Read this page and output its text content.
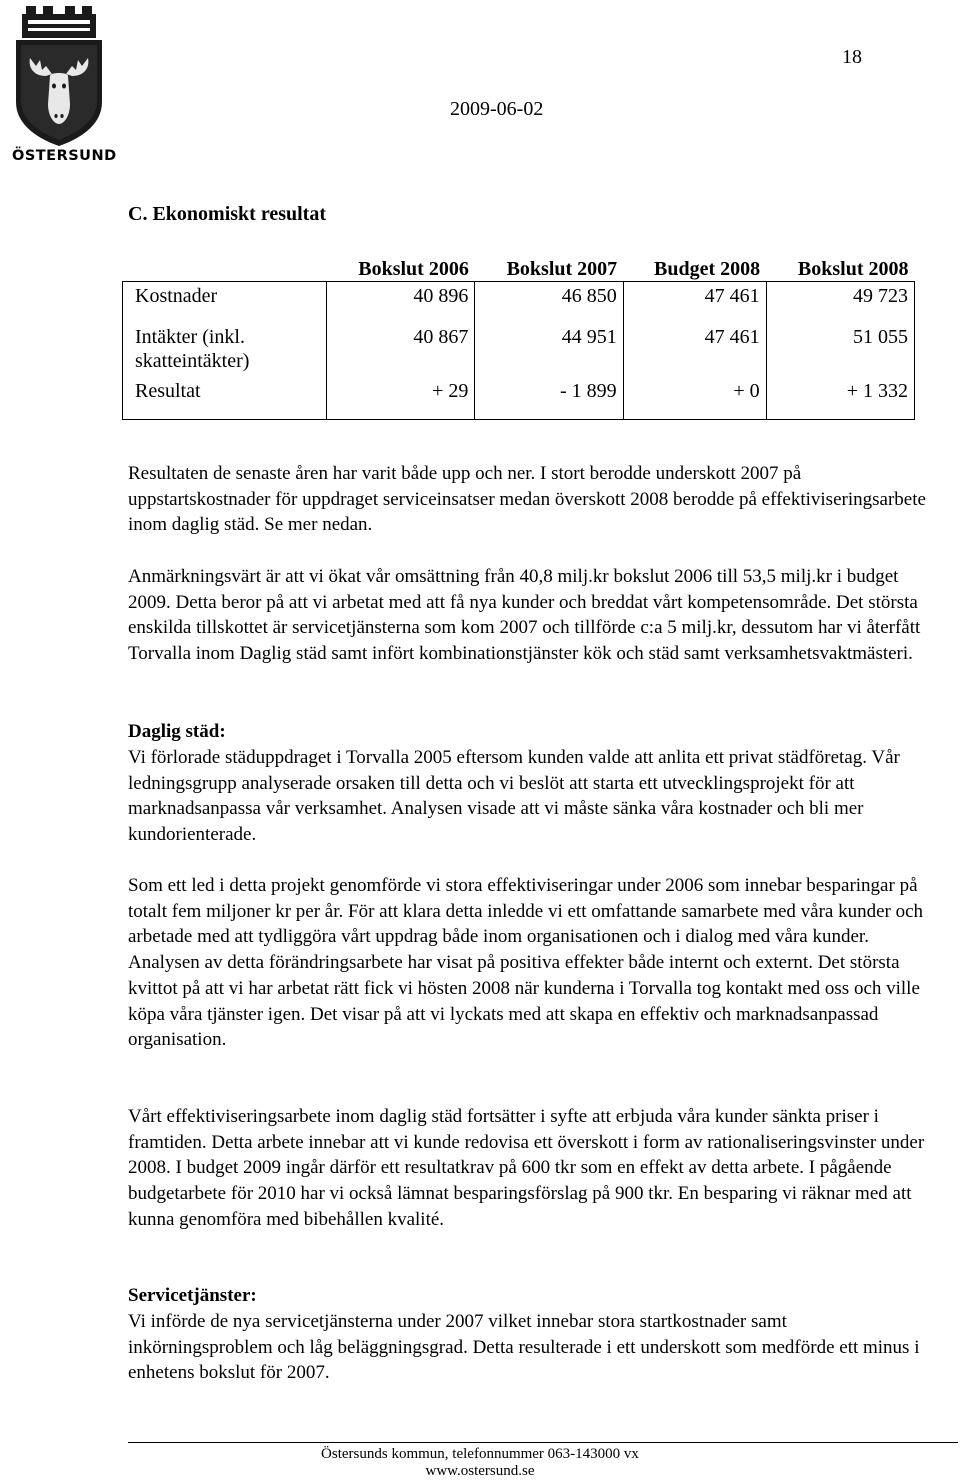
ÖSTERSUND
18
2009-06-02
C. Ekonomiskt resultat
	Bokslut 2006	Bokslut 2007	Budget 2008	Bokslut 2008
Kostnader	40 896	46 850	47 461	49 723
Intäkter (inkl.
skatteintäkter)	40 867	44 951	47 461	51 055
Resultat	+ 29	- 1 899	+ 0	+ 1 332

Resultaten de senaste åren har varit både upp och ner. I stort berodde underskott 2007 på uppstartskostnader för uppdraget serviceinsatser medan överskott 2008 berodde på effektiviseringsarbete inom daglig städ. Se mer nedan.

Anmärkningsvärt är att vi ökat vår omsättning från 40,8 milj.kr bokslut 2006 till 53,5 milj.kr i budget 2009. Detta beror på att vi arbetat med att få nya kunder och breddat vårt kompetensområde. Det största enskilda tillskottet är servicetjänsterna som kom 2007 och tillförde c:a 5 milj.kr, dessutom har vi återfått Torvalla inom Daglig städ samt infört kombinationstjänster kök och städ samt verksamhetsvaktmästeri.

Daglig städ:

Vi förlorade städuppdraget i Torvalla 2005 eftersom kunden valde att anlita ett privat städföretag. Vår ledningsgrupp analyserade orsaken till detta och vi beslöt att starta ett utvecklingsprojekt för att marknadsanpassa vår verksamhet. Analysen visade att vi måste sänka våra kostnader och bli mer kundorienterade.

Som ett led i detta projekt genomförde vi stora effektiviseringar under 2006 som innebar besparingar på totalt fem miljoner kr per år. För att klara detta inledde vi ett omfattande samarbete med våra kunder och arbetade med att tydliggöra vårt uppdrag både inom organisationen och i dialog med våra kunder. Analysen av detta förändringsarbete har visat på positiva effekter både internt och externt. Det största kvittot på att vi har arbetat rätt fick vi hösten 2008 när kunderna i Torvalla tog kontakt med oss och ville köpa våra tjänster igen. Det visar på att vi lyckats med att skapa en effektiv och marknadsanpassad organisation.

Vårt effektiviseringsarbete inom daglig städ fortsätter i syfte att erbjuda våra kunder sänkta priser i framtiden. Detta arbete innebar att vi kunde redovisa ett överskott i form av rationaliseringsvinster under 2008. I budget 2009 ingår därför ett resultatkrav på 600 tkr som en effekt av detta arbete. I pågående budgetarbete för 2010 har vi också lämnat besparingsförslag på 900 tkr. En besparing vi räknar med att kunna genomföra med bibehållen kvalité.

Servicetjänster:

Vi införde de nya servicetjänsterna under 2007 vilket innebar stora startkostnader samt inkörningsproblem och låg beläggningsgrad. Detta resulterade i ett underskott som medförde ett minus i enhetens bokslut för 2007.

Östersunds kommun, telefonnummer 063-143000 vx
www.ostersund.se
